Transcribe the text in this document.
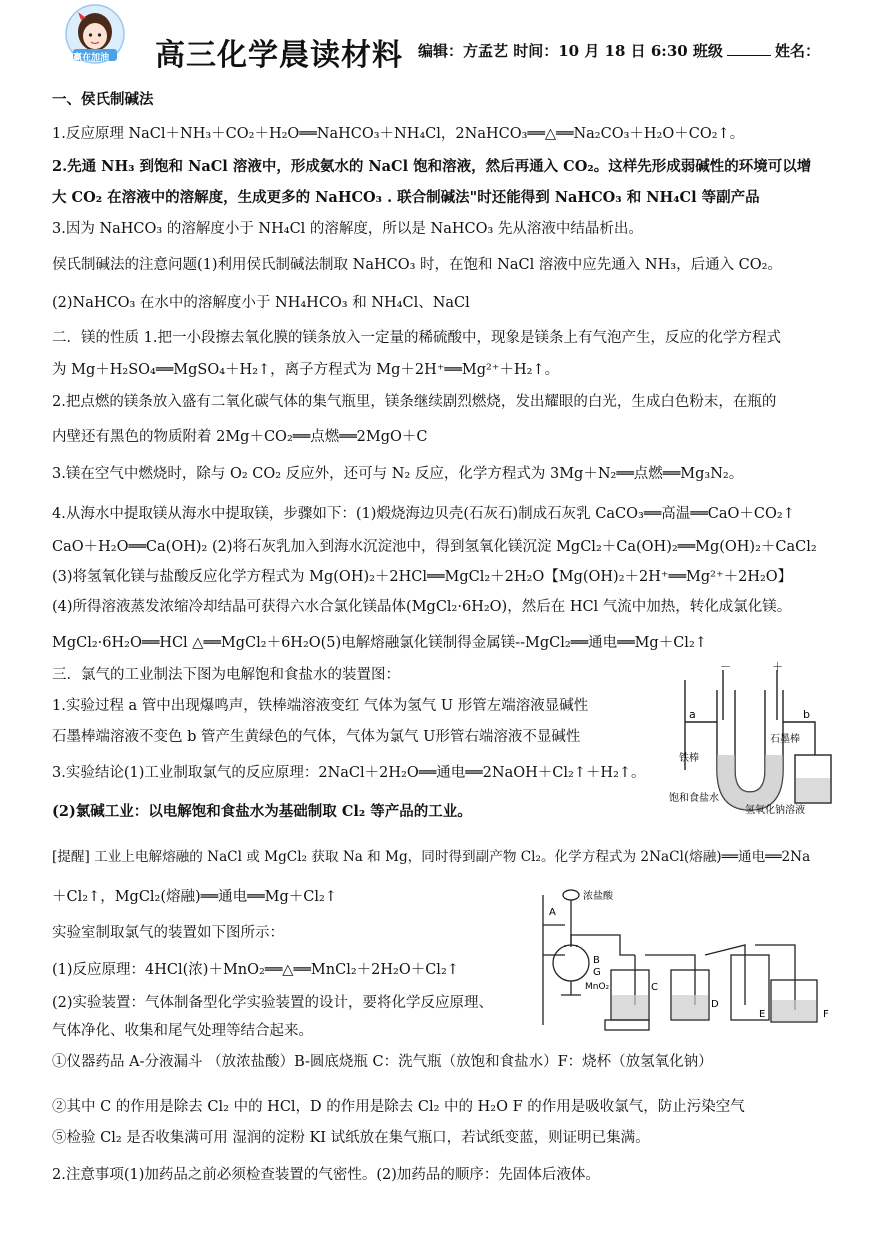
赢在加油 高三化学晨读材料 编辑：方孟艺 时间：10 月 18 日 6:30 班级	姓名：
一、侯氏制碱法
1.反应原理 NaCl＋NH₃＋CO₂＋H₂O══NaHCO₃＋NH₄Cl，2NaHCO₃══△══Na₂CO₃＋H₂O＋CO₂↑。
2.先通 NH₃ 到饱和 NaCl 溶液中，形成氨水的 NaCl 饱和溶液，然后再通入 CO₂。这样先形成弱碱性的环境可以增
大 CO₂ 在溶液中的溶解度，生成更多的 NaHCO₃ . 联合制碱法"时还能得到 NaHCO₃ 和 NH₄Cl 等副产品
3.因为 NaHCO₃ 的溶解度小于 NH₄Cl 的溶解度，所以是 NaHCO₃ 先从溶液中结晶析出。
侯氏制碱法的注意问题(1)利用侯氏制碱法制取 NaHCO₃ 时，在饱和 NaCl 溶液中应先通入 NH₃，后通入 CO₂。
(2)NaHCO₃ 在水中的溶解度小于 NH₄HCO₃ 和 NH₄Cl、NaCl
二．镁的性质 1.把一小段擦去氧化膜的镁条放入一定量的稀硫酸中，现象是镁条上有气泡产生，反应的化学方程式
为 Mg＋H₂SO₄══MgSO₄＋H₂↑，离子方程式为 Mg＋2H⁺══Mg²⁺＋H₂↑。
2.把点燃的镁条放入盛有二氧化碳气体的集气瓶里，镁条继续剧烈燃烧，发出耀眼的白光，生成白色粉末，在瓶的
内壁还有黑色的物质附着 2Mg＋CO₂══点燃══2MgO＋C
3.镁在空气中燃烧时，除与 O₂ CO₂ 反应外，还可与 N₂ 反应，化学方程式为 3Mg＋N₂══点燃══Mg₃N₂。
4.从海水中提取镁从海水中提取镁，步骤如下：(1)煅烧海边贝壳(石灰石)制成石灰乳 CaCO₃══高温══CaO＋CO₂↑
CaO＋H₂O══Ca(OH)₂ (2)将石灰乳加入到海水沉淀池中，得到氢氧化镁沉淀 MgCl₂＋Ca(OH)₂══Mg(OH)₂＋CaCl₂
(3)将氢氧化镁与盐酸反应化学方程式为 Mg(OH)₂＋2HCl══MgCl₂＋2H₂O【Mg(OH)₂＋2H⁺══Mg²⁺＋2H₂O】
(4)所得溶液蒸发浓缩冷却结晶可获得六水合氯化镁晶体(MgCl₂·6H₂O)，然后在 HCl 气流中加热，转化成氯化镁。
MgCl₂·6H₂O══HCl △══MgCl₂＋6H₂O(5)电解熔融氯化镁制得金属镁--MgCl₂══通电══Mg＋Cl₂↑
三．氯气的工业制法下图为电解饱和食盐水的装置图：
1.实验过程 a 管中出现爆鸣声，铁棒端溶液变红 气体为氢气 U 形管左端溶液显碱性
石墨棒端溶液不变色 b 管产生黄绿色的气体，气体为氯气 U形管右端溶液不显碱性
3.实验结论(1)工业制取氯气的反应原理：2NaCl＋2H₂O══通电══2NaOH＋Cl₂↑＋H₂↑。
(2)氯碱工业：以电解饱和食盐水为基础制取 Cl₂ 等产品的工业。
[提醒] 工业上电解熔融的 NaCl 或 MgCl₂ 获取 Na 和 Mg，同时得到副产物 Cl₂。化学方程式为 2NaCl(熔融)══通电══2Na
＋Cl₂↑，MgCl₂(熔融)══通电══Mg＋Cl₂↑
实验室制取氯气的装置如下图所示：
(1)反应原理：4HCl(浓)＋MnO₂══△══MnCl₂＋2H₂O＋Cl₂↑
(2)实验装置：气体制备型化学实验装置的设计，要将化学反应原理、
气体净化、收集和尾气处理等结合起来。
①仪器药品 A-分液漏斗 （放浓盐酸）B-圆底烧瓶 C：洗气瓶（放饱和食盐水）F：烧杯（放氢氧化钠）
②其中 C 的作用是除去 Cl₂ 中的 HCl，D 的作用是除去 Cl₂ 中的 H₂O F 的作用是吸收氯气，防止污染空气
⑤检验 Cl₂ 是否收集满可用 湿润的淀粉 KI 试纸放在集气瓶口，若试纸变蓝，则证明已集满。
2.注意事项(1)加药品之前必须检查装置的气密性。(2)加药品的顺序：先固体后液体。
－	＋
a	b
铁棒
石墨棒
饱和食盐水
氢氧化钠溶液
浓盐酸
A
B
G
MnO₂	C
D
E	F
